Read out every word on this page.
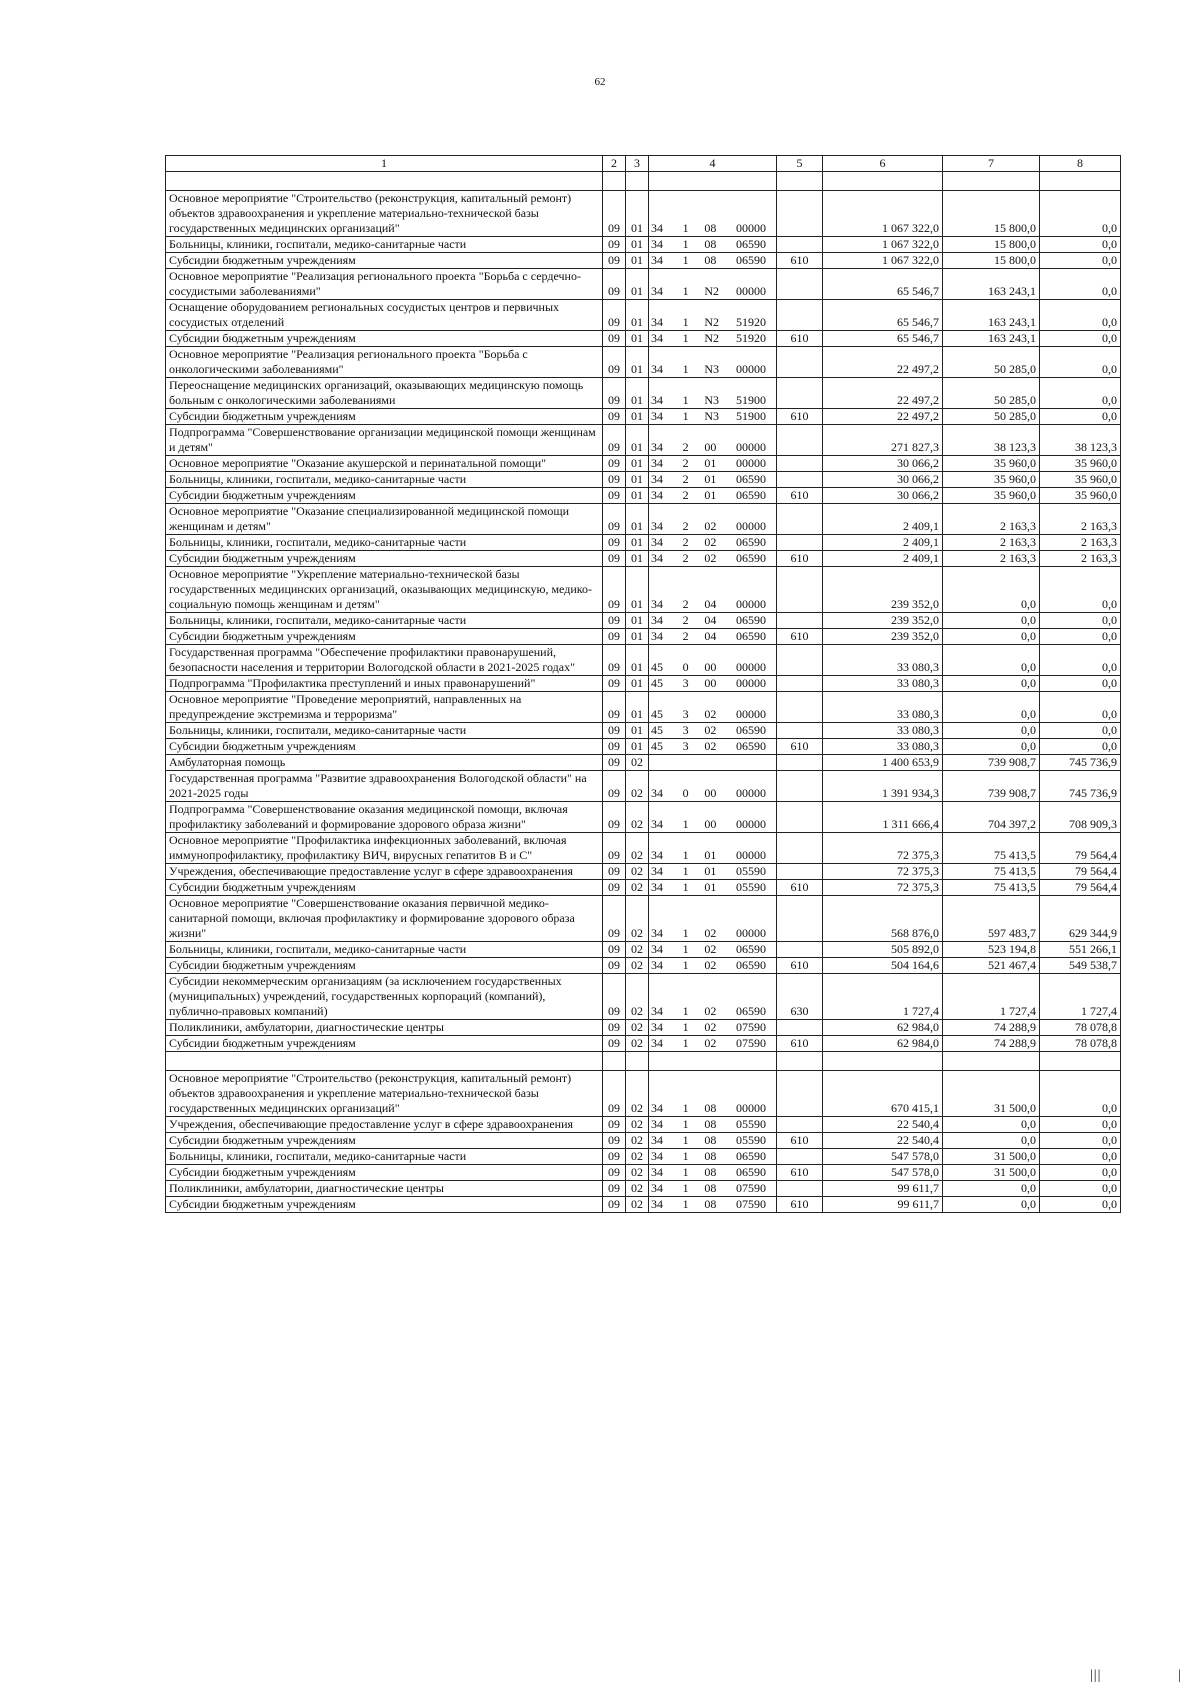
62
1	2	3	4	5	6	7	8

Основное мероприятие "Строительство (реконструкция, капитальный ремонт) объектов здравоохранения и укрепление материально-технической базы государственных медицинских организаций"	09	01	34 1 08 00000		1 067 322,0	15 800,0	0,0
Больницы, клиники, госпитали, медико-санитарные части	09	01	34 1 08 06590		1 067 322,0	15 800,0	0,0
Субсидии бюджетным учреждениям	09	01	34 1 08 06590	610	1 067 322,0	15 800,0	0,0
Основное мероприятие "Реализация регионального проекта "Борьба с сердечно-сосудистыми заболеваниями"	09	01	34 1 N2 00000		65 546,7	163 243,1	0,0
Оснащение оборудованием региональных сосудистых центров и первичных сосудистых отделений	09	01	34 1 N2 51920		65 546,7	163 243,1	0,0
Субсидии бюджетным учреждениям	09	01	34 1 N2 51920	610	65 546,7	163 243,1	0,0
Основное мероприятие "Реализация регионального проекта "Борьба с онкологическими заболеваниями"	09	01	34 1 N3 00000		22 497,2	50 285,0	0,0
Переоснащение медицинских организаций, оказывающих медицинскую помощь больным с онкологическими заболеваниями	09	01	34 1 N3 51900		22 497,2	50 285,0	0,0
Субсидии бюджетным учреждениям	09	01	34 1 N3 51900	610	22 497,2	50 285,0	0,0
Подпрограмма "Совершенствование организации медицинской помощи женщинам и детям"	09	01	34 2 00 00000		271 827,3	38 123,3	38 123,3
Основное мероприятие "Оказание акушерской и перинатальной помощи"	09	01	34 2 01 00000		30 066,2	35 960,0	35 960,0
Больницы, клиники, госпитали, медико-санитарные части	09	01	34 2 01 06590		30 066,2	35 960,0	35 960,0
Субсидии бюджетным учреждениям	09	01	34 2 01 06590	610	30 066,2	35 960,0	35 960,0
Основное мероприятие "Оказание специализированной медицинской помощи женщинам и детям"	09	01	34 2 02 00000		2 409,1	2 163,3	2 163,3
Больницы, клиники, госпитали, медико-санитарные части	09	01	34 2 02 06590		2 409,1	2 163,3	2 163,3
Субсидии бюджетным учреждениям	09	01	34 2 02 06590	610	2 409,1	2 163,3	2 163,3
Основное мероприятие "Укрепление материально-технической базы государственных медицинских организаций, оказывающих медицинскую, медико-социальную помощь женщинам и детям"	09	01	34 2 04 00000		239 352,0	0,0	0,0
Больницы, клиники, госпитали, медико-санитарные части	09	01	34 2 04 06590		239 352,0	0,0	0,0
Субсидии бюджетным учреждениям	09	01	34 2 04 06590	610	239 352,0	0,0	0,0
Государственная программа "Обеспечение профилактики правонарушений, безопасности населения и территории Вологодской области в 2021-2025 годах"	09	01	45 0 00 00000		33 080,3	0,0	0,0
Подпрограмма "Профилактика преступлений и иных правонарушений"	09	01	45 3 00 00000		33 080,3	0,0	0,0
Основное мероприятие "Проведение мероприятий, направленных на предупреждение экстремизма и терроризма"	09	01	45 3 02 00000		33 080,3	0,0	0,0
Больницы, клиники, госпитали, медико-санитарные части	09	01	45 3 02 06590		33 080,3	0,0	0,0
Субсидии бюджетным учреждениям	09	01	45 3 02 06590	610	33 080,3	0,0	0,0
Амбулаторная помощь	09	02			1 400 653,9	739 908,7	745 736,9
Государственная программа "Развитие здравоохранения Вологодской области" на 2021-2025 годы	09	02	34 0 00 00000		1 391 934,3	739 908,7	745 736,9
Подпрограмма "Совершенствование оказания медицинской помощи, включая профилактику заболеваний и формирование здорового образа жизни"	09	02	34 1 00 00000		1 311 666,4	704 397,2	708 909,3
Основное мероприятие "Профилактика инфекционных заболеваний, включая иммунопрофилактику, профилактику ВИЧ, вирусных гепатитов В и С"	09	02	34 1 01 00000		72 375,3	75 413,5	79 564,4
Учреждения, обеспечивающие предоставление услуг в сфере здравоохранения	09	02	34 1 01 05590		72 375,3	75 413,5	79 564,4
Субсидии бюджетным учреждениям	09	02	34 1 01 05590	610	72 375,3	75 413,5	79 564,4
Основное мероприятие "Совершенствование оказания первичной медико-санитарной помощи, включая профилактику и формирование здорового образа жизни"	09	02	34 1 02 00000		568 876,0	597 483,7	629 344,9
Больницы, клиники, госпитали, медико-санитарные части	09	02	34 1 02 06590		505 892,0	523 194,8	551 266,1
Субсидии бюджетным учреждениям	09	02	34 1 02 06590	610	504 164,6	521 467,4	549 538,7
Субсидии некоммерческим организациям (за исключением государственных (муниципальных) учреждений, государственных корпораций (компаний), публично-правовых компаний)	09	02	34 1 02 06590	630	1 727,4	1 727,4	1 727,4
Поликлиники, амбулатории, диагностические центры	09	02	34 1 02 07590		62 984,0	74 288,9	78 078,8
Субсидии бюджетным учреждениям	09	02	34 1 02 07590	610	62 984,0	74 288,9	78 078,8

Основное мероприятие "Строительство (реконструкция, капитальный ремонт) объектов здравоохранения и укрепление материально-технической базы государственных медицинских организаций"	09	02	34 1 08 00000		670 415,1	31 500,0	0,0
Учреждения, обеспечивающие предоставление услуг в сфере здравоохранения	09	02	34 1 08 05590		22 540,4	0,0	0,0
Субсидии бюджетным учреждениям	09	02	34 1 08 05590	610	22 540,4	0,0	0,0
Больницы, клиники, госпитали, медико-санитарные части	09	02	34 1 08 06590		547 578,0	31 500,0	0,0
Субсидии бюджетным учреждениям	09	02	34 1 08 06590	610	547 578,0	31 500,0	0,0
Поликлиники, амбулатории, диагностические центры	09	02	34 1 08 07590		99 611,7	0,0	0,0
Субсидии бюджетным учреждениям	09	02	34 1 08 07590	610	99 611,7	0,0	0,0
|||	|
